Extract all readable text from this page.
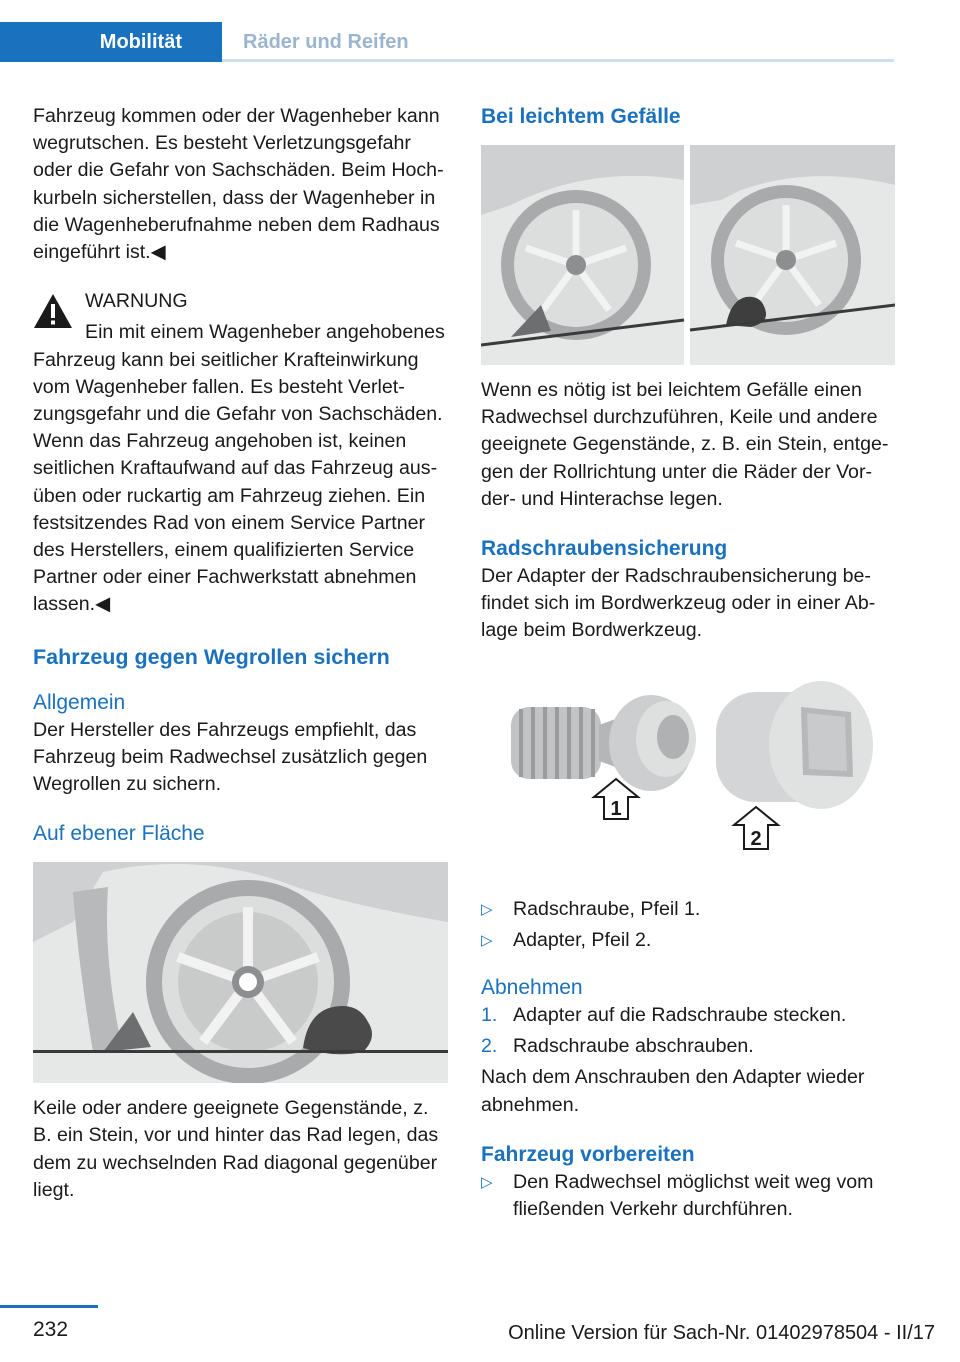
Mobilität	Räder und Reifen

Fahrzeug kommen oder der Wagenheber kann wegrutschen. Es besteht Verletzungsgefahr oder die Gefahr von Sachschäden. Beim Hochkurbeln sicherstellen, dass der Wagenheber in die Wagenheberufnahme neben dem Radhaus eingeführt ist.◀

WARNUNG

Ein mit einem Wagenheber angehobenes Fahrzeug kann bei seitlicher Krafteinwirkung vom Wagenheber fallen. Es besteht Verletzungsgefahr und die Gefahr von Sachschäden. Wenn das Fahrzeug angehoben ist, keinen seitlichen Kraftaufwand auf das Fahrzeug ausüben oder ruckartig am Fahrzeug ziehen. Ein festsitzendes Rad von einem Service Partner des Herstellers, einem qualifizierten Service Partner oder einer Fachwerkstatt abnehmen lassen.◀

Fahrzeug gegen Wegrollen sichern

Allgemein

Der Hersteller des Fahrzeugs empfiehlt, das Fahrzeug beim Radwechsel zusätzlich gegen Wegrollen zu sichern.

Auf ebener Fläche

Keile oder andere geeignete Gegenstände, z. B. ein Stein, vor und hinter das Rad legen, das dem zu wechselnden Rad diagonal gegenüber liegt.

Bei leichtem Gefälle

Wenn es nötig ist bei leichtem Gefälle einen Radwechsel durchzuführen, Keile und andere geeignete Gegenstände, z. B. ein Stein, entgegen der Rollrichtung unter die Räder der Vorder- und Hinterachse legen.

Radschraubensicherung

Der Adapter der Radschraubensicherung befindet sich im Bordwerkzeug oder in einer Ablage beim Bordwerkzeug.

1
2
▷ Radschraube, Pfeil 1.
▷ Adapter, Pfeil 2.

Abnehmen

1. Adapter auf die Radschraube stecken.
2. Radschraube abschrauben.

Nach dem Anschrauben den Adapter wieder abnehmen.

Fahrzeug vorbereiten

▷ Den Radwechsel möglichst weit weg vom fließenden Verkehr durchführen.
232	Online Version für Sach-Nr. 01402978504 - II/17
